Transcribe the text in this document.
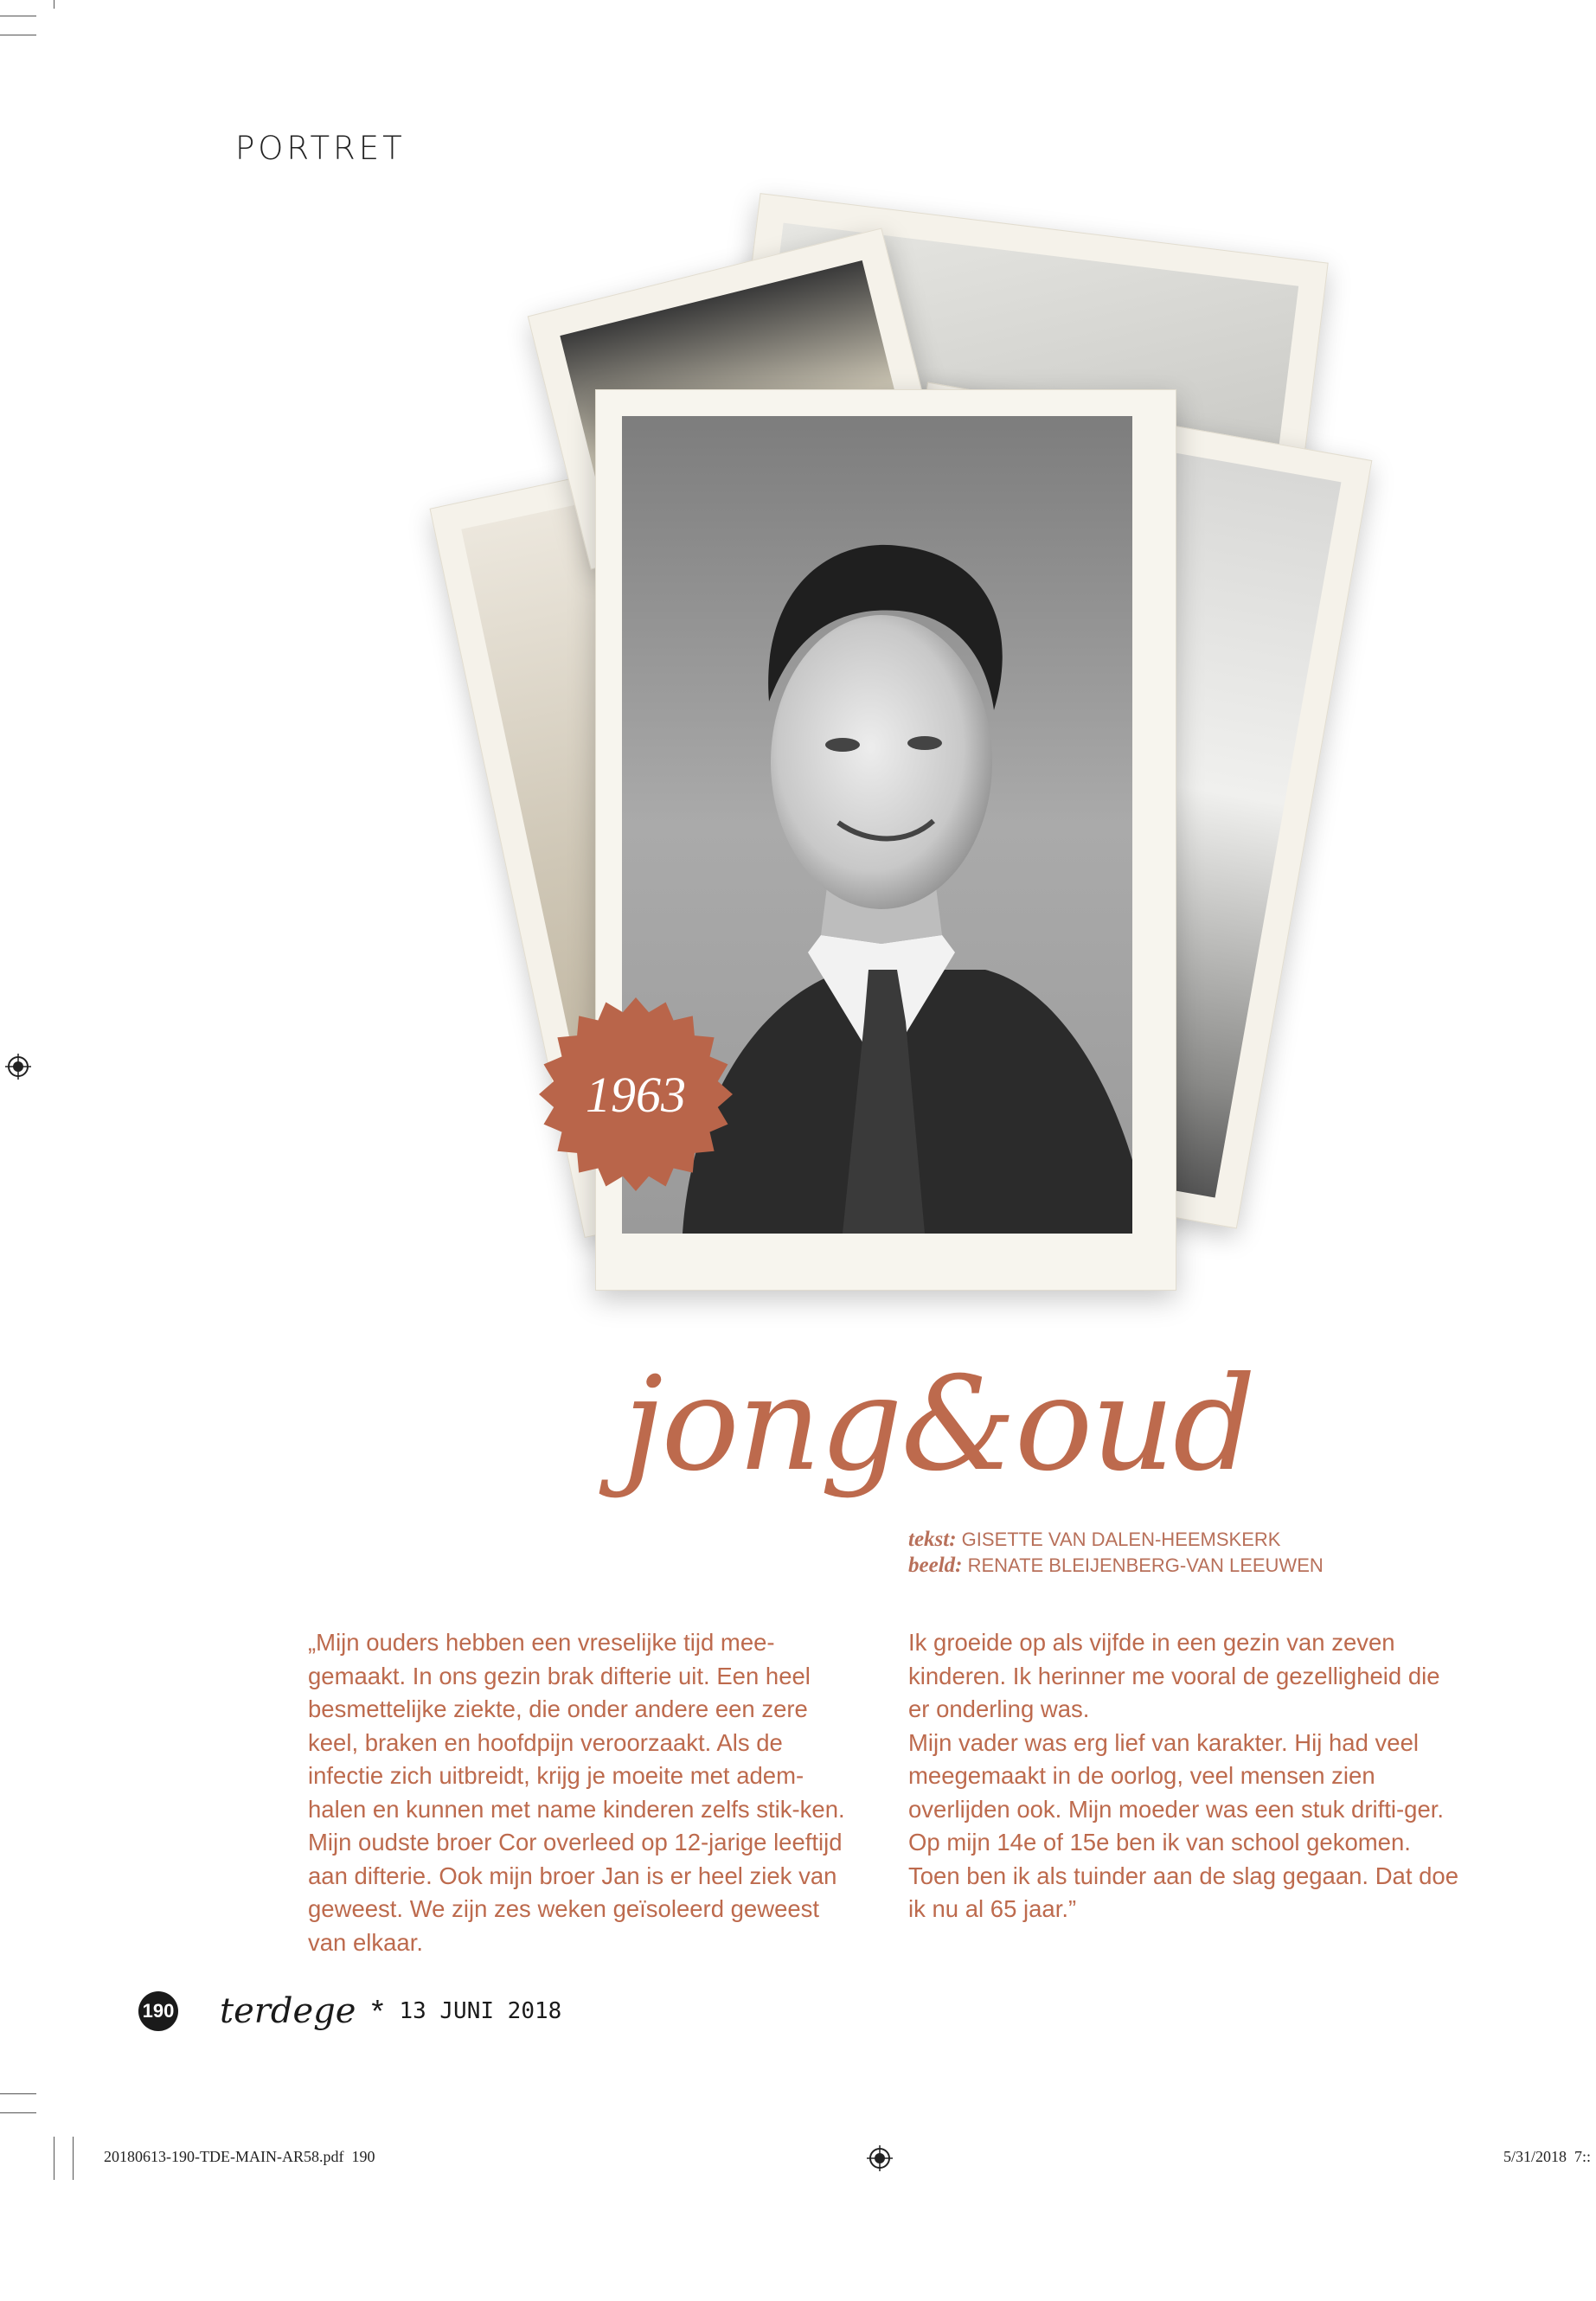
PORTRET
1963
jong&oud
tekst: GISETTE VAN DALEN-HEEMSKERK
beeld: RENATE BLEIJENBERG-VAN LEEUWEN

„Mijn ouders hebben een vreselijke tijd mee-gemaakt. In ons gezin brak difterie uit. Een heel besmettelijke ziekte, die onder andere een zere keel, braken en hoofdpijn veroorzaakt. Als de infectie zich uitbreidt, krijg je moeite met adem-halen en kunnen met name kinderen zelfs stik-ken. Mijn oudste broer Cor overleed op 12-jarige leeftijd aan difterie. Ook mijn broer Jan is er heel ziek van geweest. We zijn zes weken geïsoleerd geweest van elkaar.

Ik groeide op als vijfde in een gezin van zeven kinderen. Ik herinner me vooral de gezelligheid die er onderling was.

Mijn vader was erg lief van karakter. Hij had veel meegemaakt in de oorlog, veel mensen zien overlijden ook. Mijn moeder was een stuk drifti-ger.

Op mijn 14e of 15e ben ik van school gekomen. Toen ben ik als tuinder aan de slag gegaan. Dat doe ik nu al 65 jaar.”

190 terdege * 13 JUNI 2018
20180613-190-TDE-MAIN-AR58.pdf 190	5/31/2018 7::
